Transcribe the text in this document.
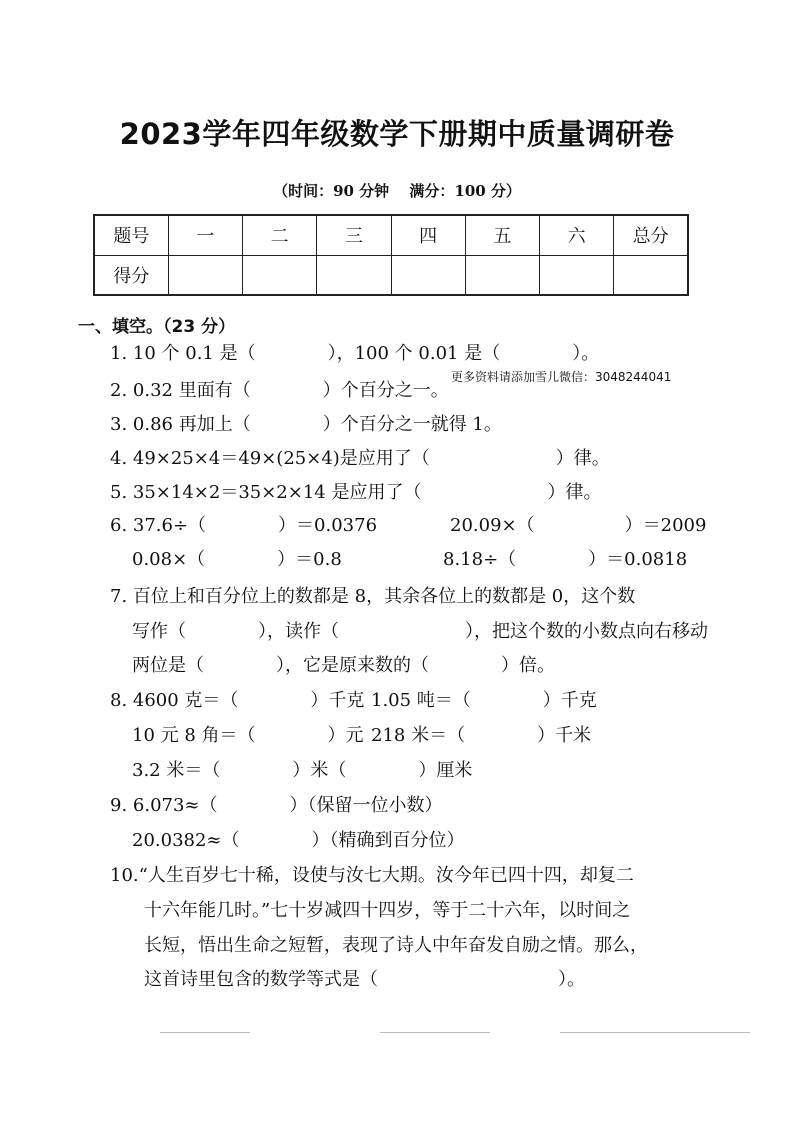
2023学年四年级数学下册期中质量调研卷
（时间：90 分钟　 满分：100 分）
题号	一	二	三	四	五	六	总分
得分							
一、填空。（23 分）
1. 10 个 0.1 是（　　　　），100 个 0.01 是（　　　　）。
更多资料请添加雪儿微信：3048244041
2. 0.32 里面有（　　　　）个百分之一。
3. 0.86 再加上（　　　　）个百分之一就得 1。
4. 49×25×4＝49×(25×4)是应用了（　　　　　　　）律。
5. 35×14×2＝35×2×14 是应用了（　　　　　　　）律。
6. 37.6÷（　　　　）＝0.0376	20.09×（　　　　　）＝2009
0.08×（　　　　）＝0.8	8.18÷（　　　　）＝0.0818
7. 百位上和百分位上的数都是 8，其余各位上的数都是 0，这个数
写作（　　　　），读作（　　　　　　　），把这个数的小数点向右移动
两位是（　　　　），它是原来数的（　　　　）倍。
8. 4600 克＝（　　　　）千克 1.05 吨＝（　　　　）千克
10 元 8 角＝（　　　　）元 218 米＝（　　　　）千米
3.2 米＝（　　　　）米（　　　　）厘米
9. 6.073≈（　　　　）（保留一位小数）
20.0382≈（　　　　）（精确到百分位）
10.“人生百岁七十稀，设使与汝七大期。汝今年已四十四，却复二
十六年能几时。”七十岁减四十四岁，等于二十六年，以时间之
长短，悟出生命之短暂，表现了诗人中年奋发自励之情。那么，
这首诗里包含的数学等式是（　　　　　　　　　　）。
